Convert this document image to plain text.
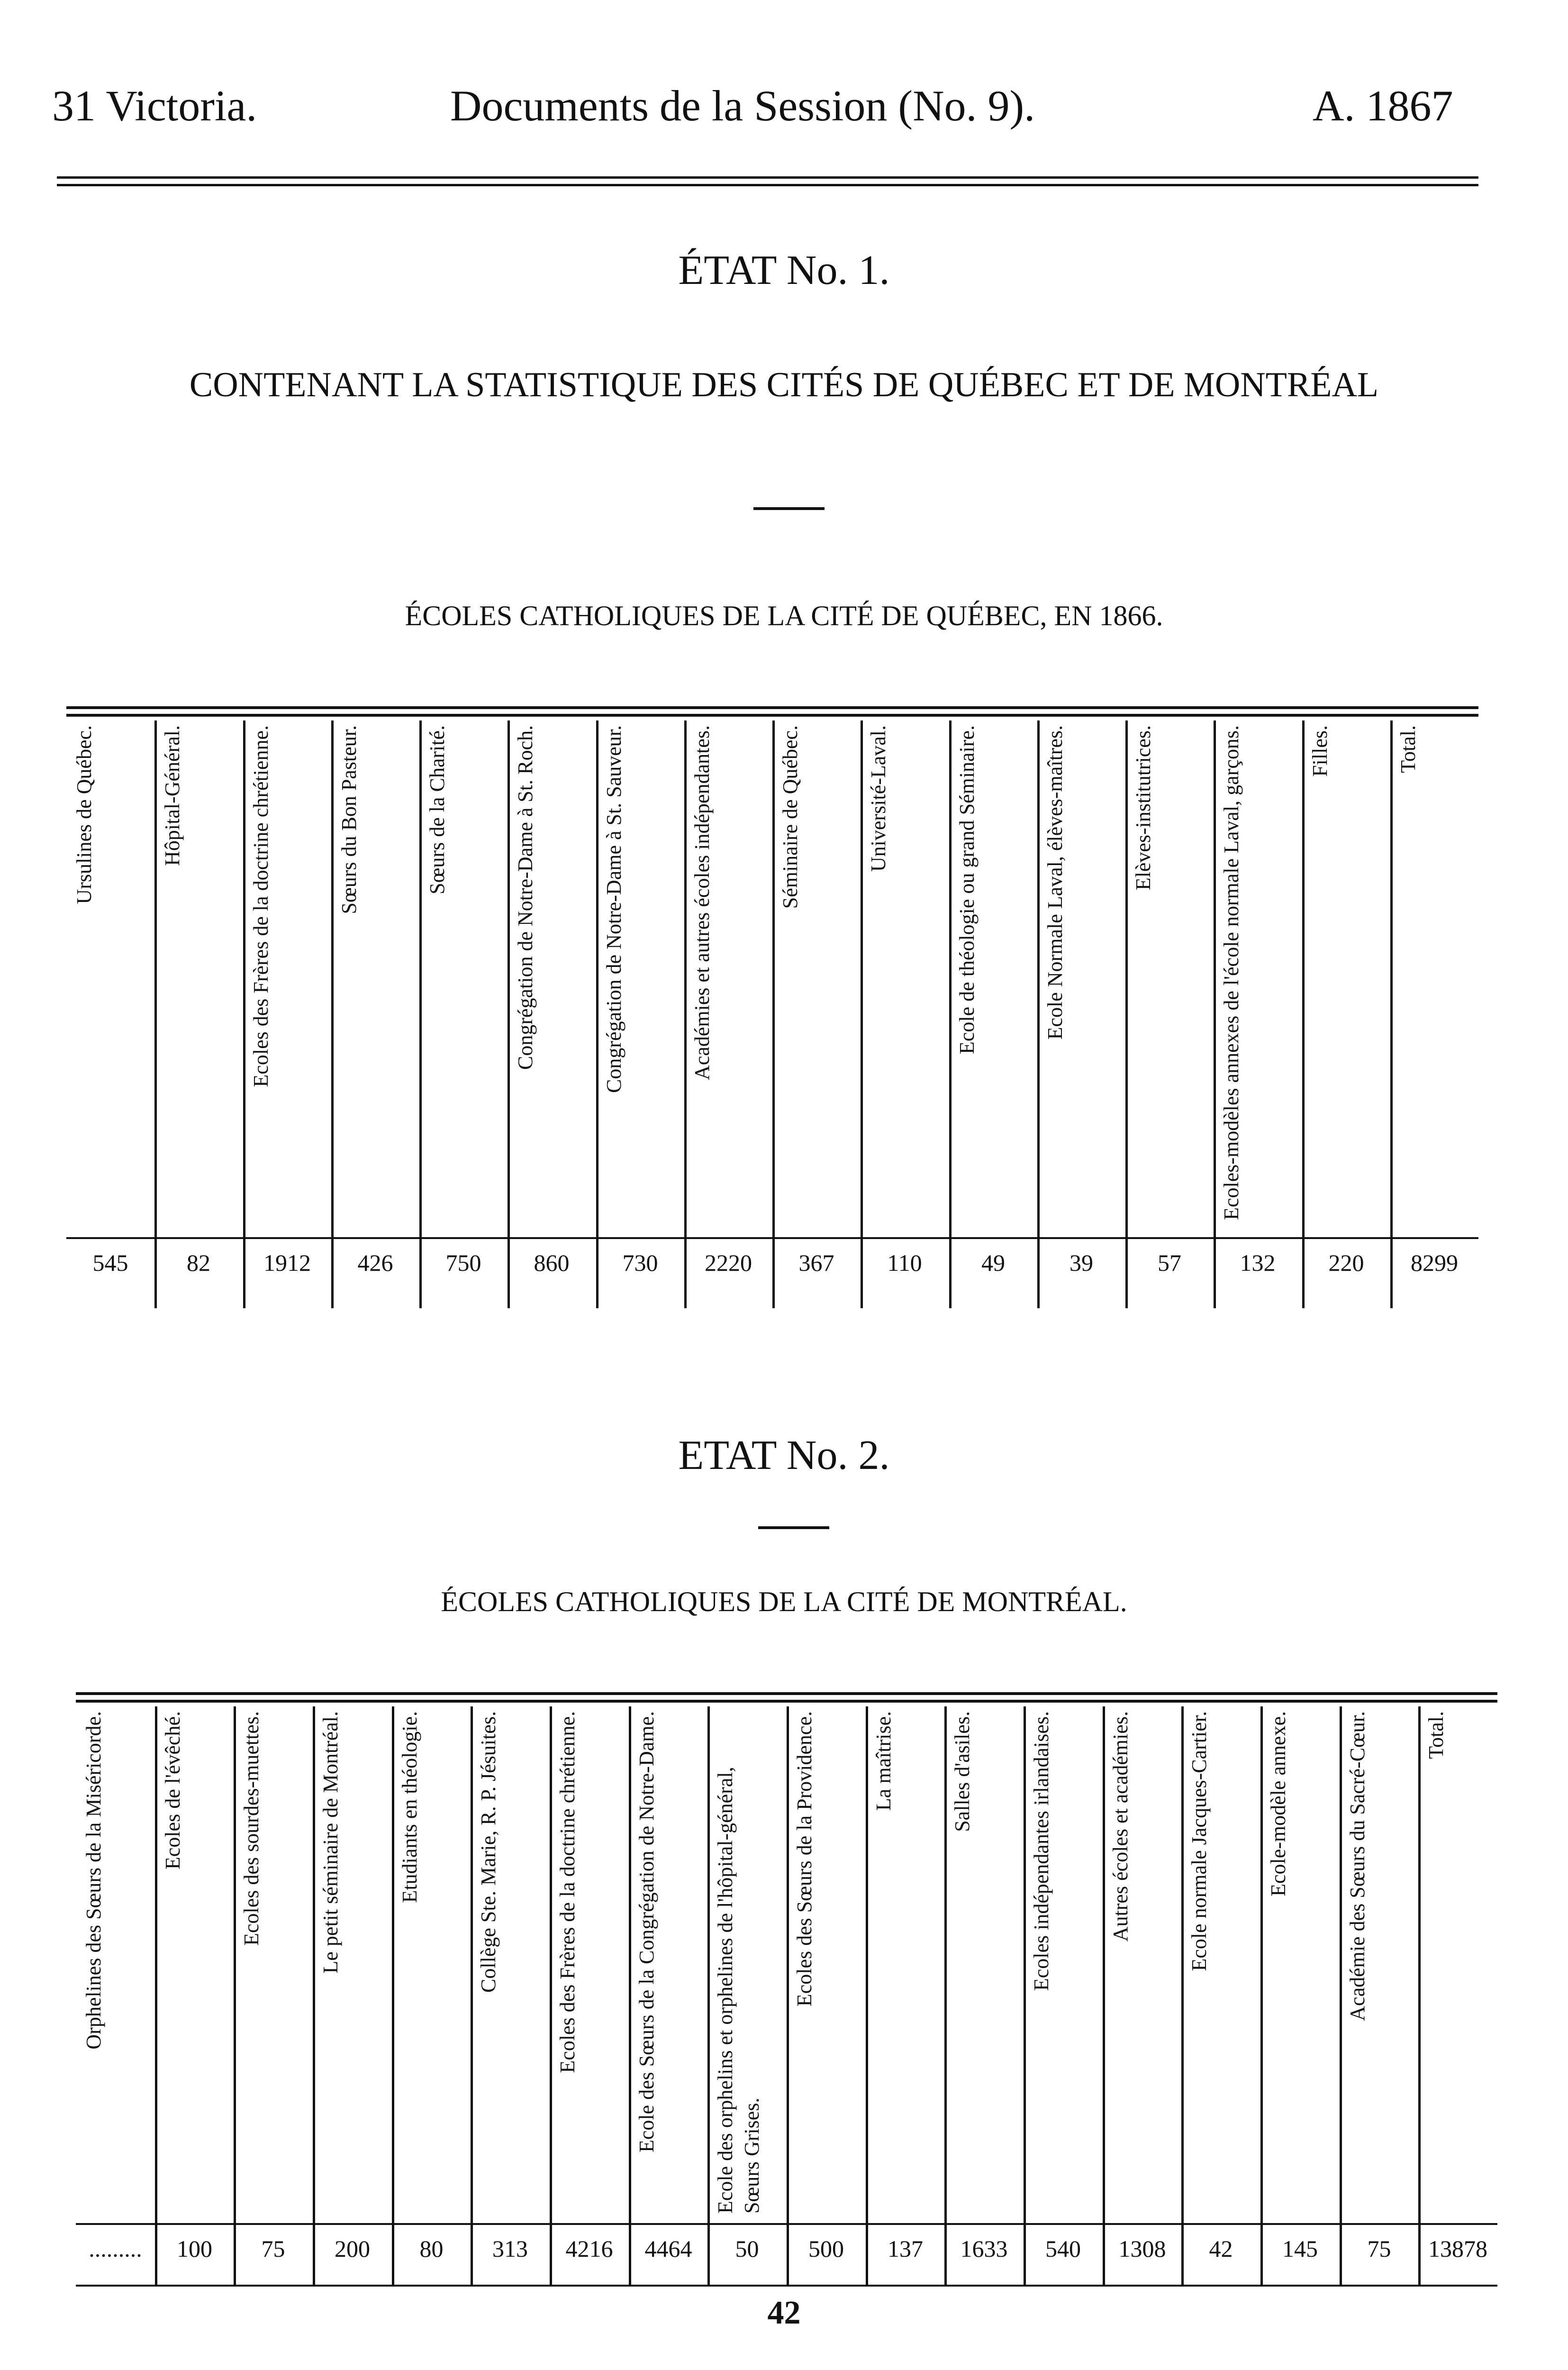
31 Victoria.	Documents de la Session (No. 9).	A. 1867
ÉTAT No. 1.
CONTENANT LA STATISTIQUE DES CITÉS DE QUÉBEC ET DE MONTRÉAL
ÉCOLES CATHOLIQUES DE LA CITÉ DE QUÉBEC, EN 1866.
Ursulines de Québec.
545
Hôpital-Général.
82
Ecoles des Frères de la doctrine chrétienne.
1912
Sœurs du Bon Pasteur.
426
Sœurs de la Charité.
750
Congrégation de Notre-Dame à St. Roch.
860
Congrégation de Notre-Dame à St. Sauveur.
730
Académies et autres écoles indépendantes.
2220
Séminaire de Québec.
367
Université-Laval.
110
Ecole de théologie ou grand Séminaire.
49
Ecole Normale Laval, élèves-maîtres.
39
Elèves-institutrices.
57
Ecoles-modèles annexes de l'école normale Laval, garçons.
132
Filles.
220
Total.
8299
ETAT No. 2.
ÉCOLES CATHOLIQUES DE LA CITÉ DE MONTRÉAL.
Orphelines des Sœurs de la Miséricorde.
.........
Ecoles de l'évêché.
100
Ecoles des sourdes-muettes.
75
Le petit séminaire de Montréal.
200
Etudiants en théologie.
80
Collège Ste. Marie, R. P. Jésuites.
313
Ecoles des Frères de la doctrine chrétienne.
4216
Ecole des Sœurs de la Congrégation de Notre-Dame.
4464
Ecole des orphelins et orphelines de l'hôpital-général, Sœurs Grises.
50
Ecoles des Sœurs de la Providence.
500
La maîtrise.
137
Salles d'asiles.
1633
Ecoles indépendantes irlandaises.
540
Autres écoles et académies.
1308
Ecole normale Jacques-Cartier.
42
Ecole-modèle annexe.
145
Académie des Sœurs du Sacré-Cœur.
75
Total.
13878
42
